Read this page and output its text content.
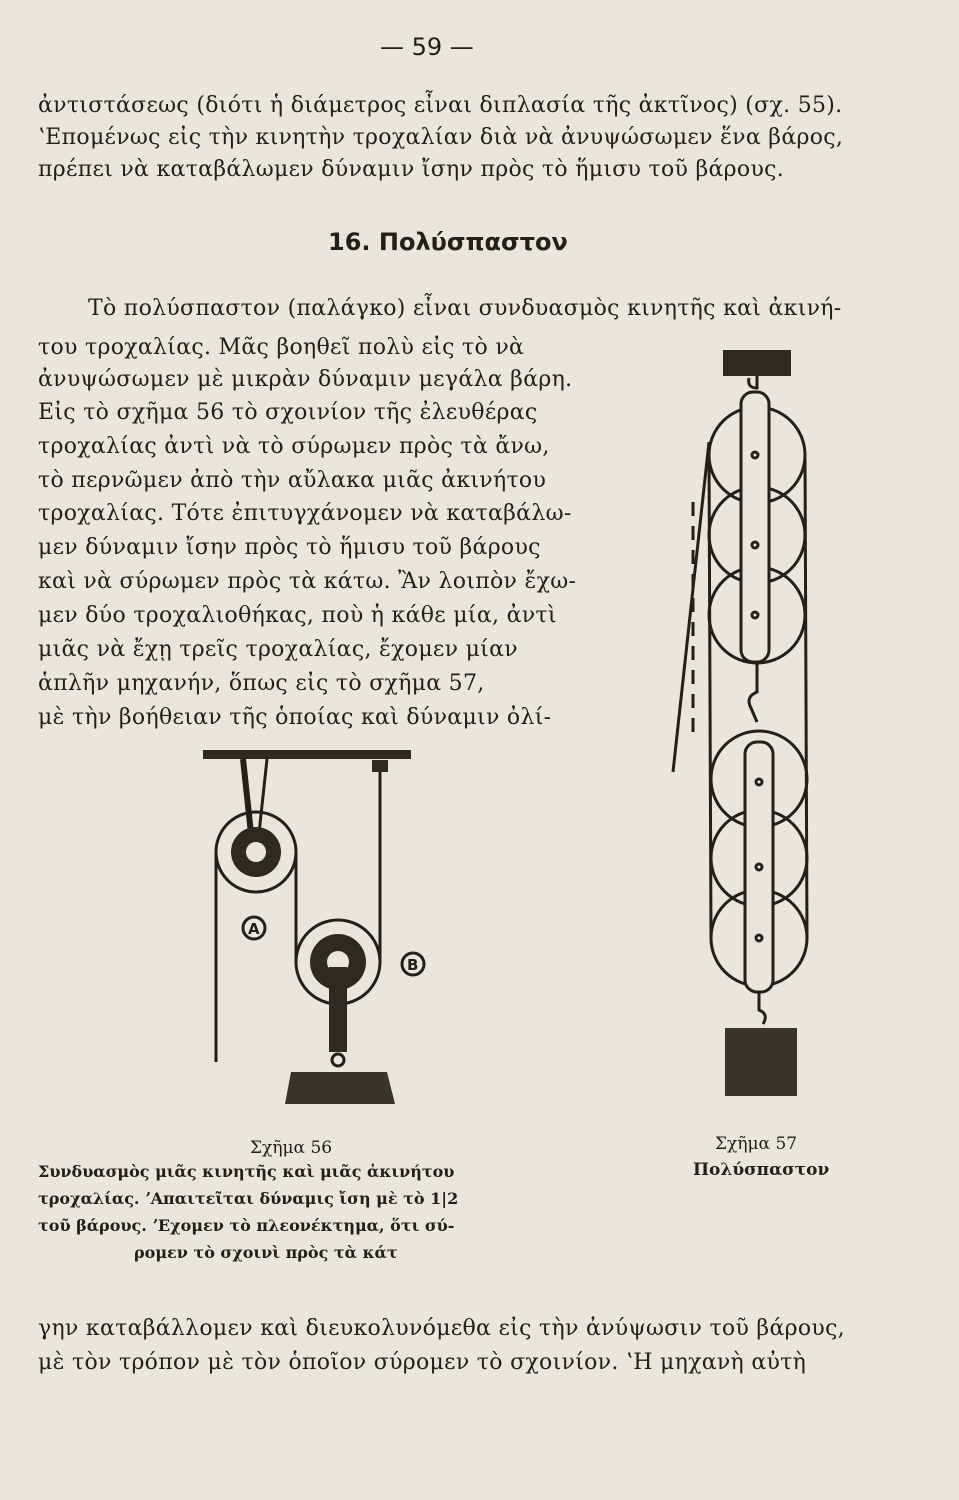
— 59 —
ἀντιστάσεως (διότι ἡ διάμετρος εἶναι διπλασία τῆς ἀκτῖνος) (σχ. 55).
ʽΕπομένως εἰς τὴν κινητὴν τροχαλίαν διὰ νὰ ἀνυψώσωμεν ἕνα βάρος,
πρέπει νὰ καταβάλωμεν δύναμιν ἴσην πρὸς τὸ ἥμισυ τοῦ βάρους.
16. Πολύσπαστον
Τὸ πολύσπαστον (παλάγκο) εἶναι συνδυασμὸς κινητῆς καὶ ἀκινή-
του τροχαλίας. Μᾶς βοηθεῖ πολὺ εἰς τὸ νὰ
ἀνυψώσωμεν μὲ μικρὰν δύναμιν μεγάλα βάρη.
Εἰς τὸ σχῆμα 56 τὸ σχοινίον τῆς ἐλευθέρας
τροχαλίας ἀντὶ νὰ τὸ σύρωμεν πρὸς τὰ ἄνω,
τὸ περνῶμεν ἀπὸ τὴν αὔλακα μιᾶς ἀκινήτου
τροχαλίας. Τότε ἐπιτυγχάνομεν νὰ καταβάλω-
μεν δύναμιν ἴσην πρὸς τὸ ἥμισυ τοῦ βάρους
καὶ νὰ σύρωμεν πρὸς τὰ κάτω. Ἂν λοιπὸν ἔχω-
μεν δύο τροχαλιοθήκας, ποὺ ἡ κάθε μία, ἀντὶ
μιᾶς νὰ ἔχῃ τρεῖς τροχαλίας, ἔχομεν μίαν
ἁπλῆν μηχανήν, ὅπως εἰς τὸ σχῆμα 57,
μὲ τὴν βοήθειαν τῆς ὁποίας καὶ δύναμιν ὀλί-
A
B
Σχῆμα 56
Συνδυασμὸς μιᾶς κινητῆς καὶ μιᾶς ἀκινήτου
τροχαλίας. ʼΑπαιτεῖται δύναμις ἴση μὲ τὸ 1|2
τοῦ βάρους. ʼΕχομεν τὸ πλεονέκτημα, ὅτι σύ-
ρομεν τὸ σχοινὶ πρὸς τὰ κάτ
Σχῆμα 57
Πολύσπαστον
γην καταβάλλομεν καὶ διευκολυνόμεθα εἰς τὴν ἀνύψωσιν τοῦ βάρους,
μὲ τὸν τρόπον μὲ τὸν ὁποῖον σύρομεν τὸ σχοινίον. ʽΗ μηχανὴ αὐτὴ
